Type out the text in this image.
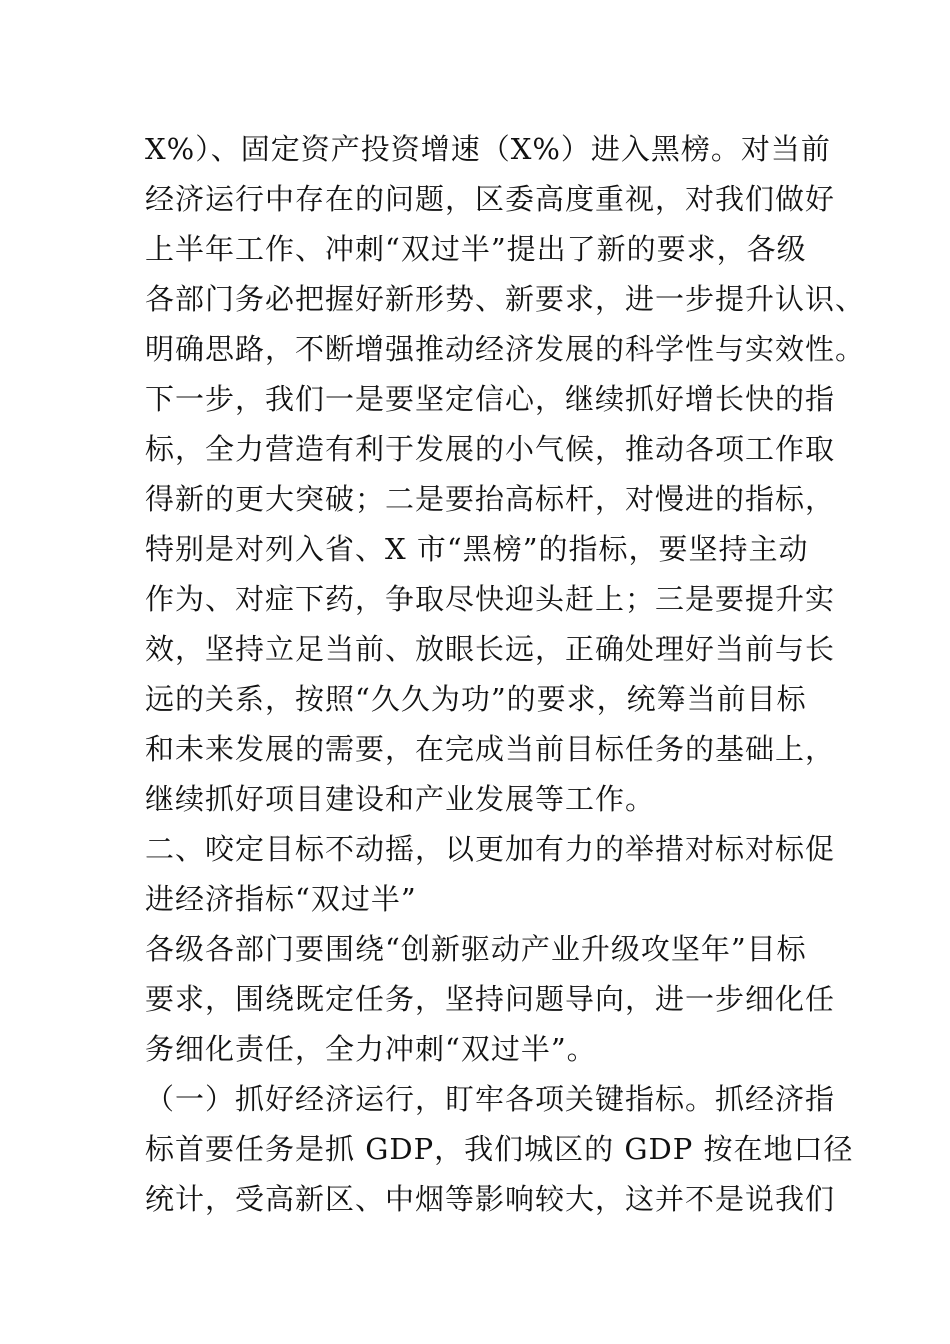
X%）、固定资产投资增速（X%）进入黑榜。对当前
经济运行中存在的问题，区委高度重视，对我们做好
上半年工作、冲刺“双过半”提出了新的要求，各级
各部门务必把握好新形势、新要求，进一步提升认识、
明确思路，不断增强推动经济发展的科学性与实效性。
下一步，我们一是要坚定信心，继续抓好增长快的指
标，全力营造有利于发展的小气候，推动各项工作取
得新的更大突破；二是要抬高标杆，对慢进的指标，
特别是对列入省、X 市“黑榜”的指标，要坚持主动
作为、对症下药，争取尽快迎头赶上；三是要提升实
效，坚持立足当前、放眼长远，正确处理好当前与长
远的关系，按照“久久为功”的要求，统筹当前目标
和未来发展的需要，在完成当前目标任务的基础上，
继续抓好项目建设和产业发展等工作。
二、咬定目标不动摇，以更加有力的举措对标对标促
进经济指标“双过半”
各级各部门要围绕“创新驱动产业升级攻坚年”目标
要求，围绕既定任务，坚持问题导向，进一步细化任
务细化责任，全力冲刺“双过半”。
（一）抓好经济运行，盯牢各项关键指标。抓经济指
标首要任务是抓 GDP，我们城区的 GDP 按在地口径
统计，受高新区、中烟等影响较大，这并不是说我们
